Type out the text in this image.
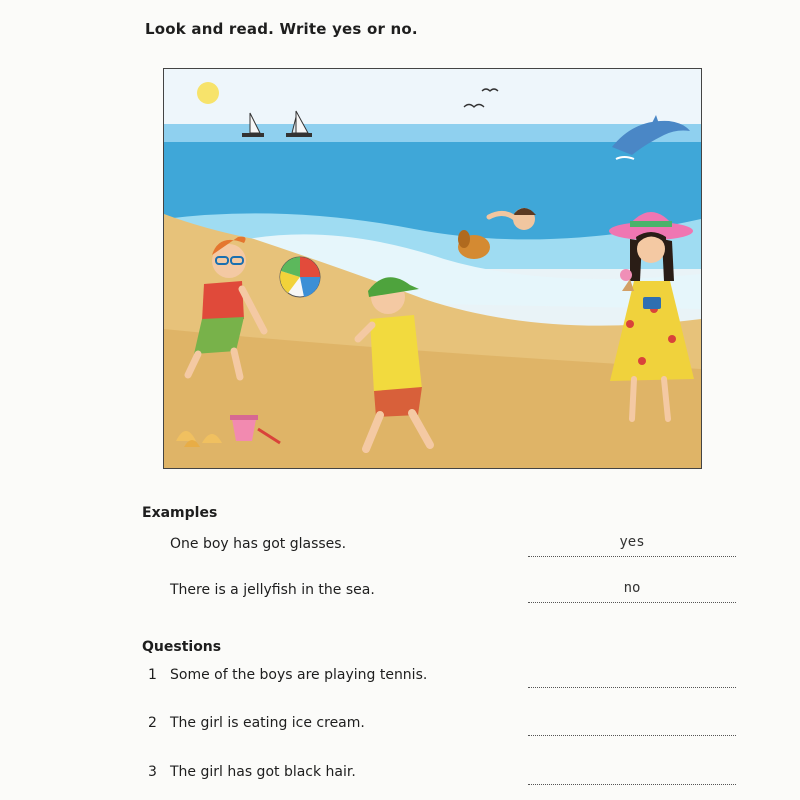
Look and read. Write yes or no.
Examples
One boy has got glasses.	yes
There is a jellyfish in the sea.	no
Questions
1 Some of the boys are playing tennis.
2 The girl is eating ice cream.
3 The girl has got black hair.
